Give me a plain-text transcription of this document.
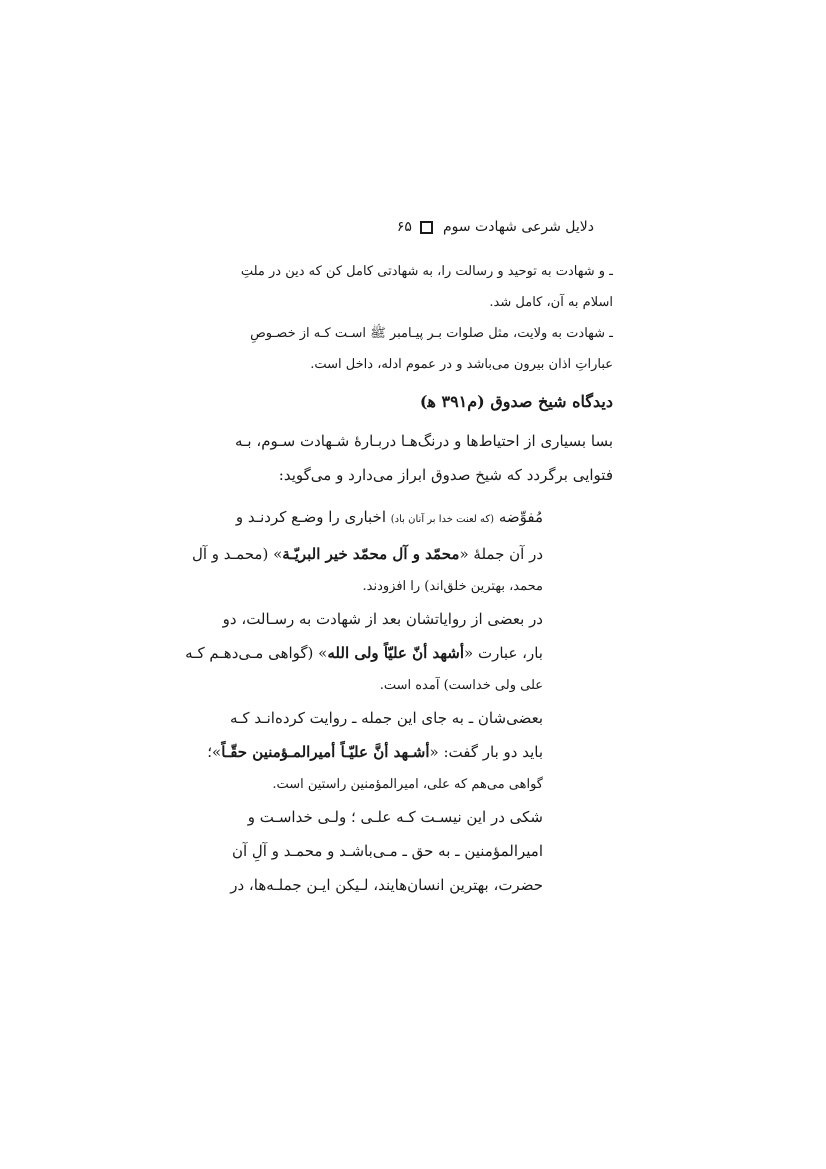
دلایل شرعی شهادت سوم
۶۵
ـ و شهادت به توحید و رسالت را، به شهادتی کامل کن که دین در ملتِ
اسلام به آن، کامل شد.
ـ شهادت به ولایت، مثل صلوات بـر پیـامبر ﷺ اسـت کـه از خصـوصِ
عباراتِ اذان بیرون می‌باشد و در عموم ادله، داخل است.
دیدگاه شیخ صدوق (م۳۹۱ ه‍)
بسا بسیاری از احتیاط‌ها و درنگ‌هـا دربـارهٔ شـهادت سـوم، بـه
فتوایی برگردد که شیخ صدوق ابراز می‌دارد و می‌گوید:
مُفوِّضه (که لعنت خدا بر آنان باد) اخباری را وضـع کردنـد و
در آن جملهٔ «محمّد و آل محمّد خیر البریّـة» (محمـد و آل
محمد، بهترین خلق‌اند) را افزودند.
در بعضی از روایاتشان بعد از شهادت به رسـالت، دو
بار، عبارت «أشهد أنّ علیّاً ولی الله» (گواهی مـی‌دهـم کـه
علی ولی خداست) آمده است.
بعضی‌شان ـ به جای این جمله ـ روایت کرده‌انـد کـه
باید دو بار گفت: «أشـهد أنَّ علیّـاً أمیرالمـؤمنین حقّـاً»؛
گواهی می‌هم که علی، امیرالمؤمنین راستین است.
شکی در این نیسـت کـه علـی ؛ ولـی خداسـت و
امیرالمؤمنین ـ به حق ـ مـی‌باشـد و محمـد و آلِ آن
حضرت، بهترین انسان‌هایند، لـیکن ایـن جملـه‌ها، در
